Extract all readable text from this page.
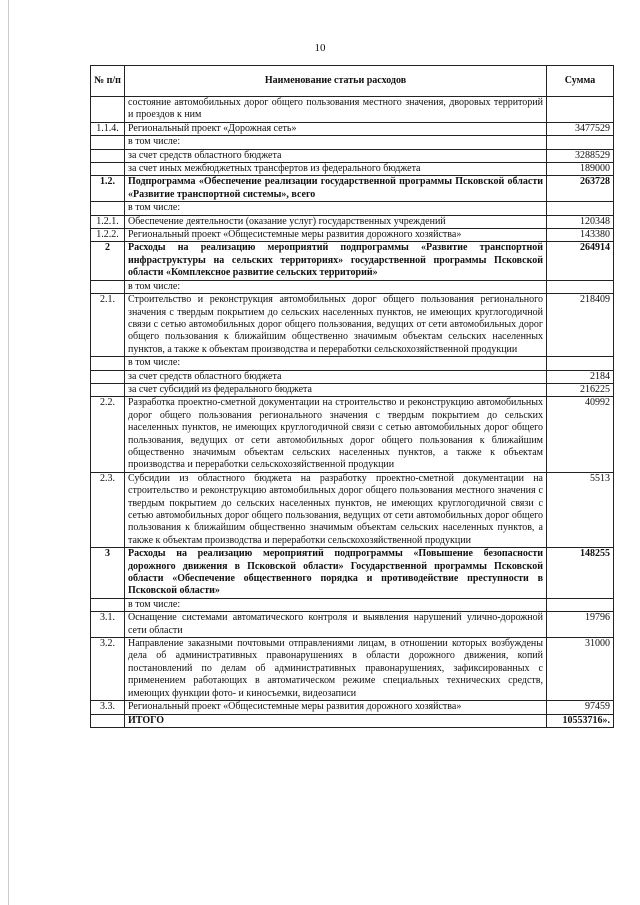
10
№ п/п	Наименование статьи расходов	Сумма
	состояние автомобильных дорог общего пользования местного значения, дворовых территорий и проездов к ним	
1.1.4.	Региональный проект «Дорожная сеть»	3477529
	в том числе:	
	за счет средств областного бюджета	3288529
	за счет иных межбюджетных трансфертов из федерального бюджета	189000
1.2.	Подпрограмма «Обеспечение реализации государственной программы Псковской области «Развитие транспортной системы», всего	263728
	в том числе:	
1.2.1.	Обеспечение деятельности (оказание услуг) государственных учреждений	120348
1.2.2.	Региональный проект «Общесистемные меры развития дорожного хозяйства»	143380
2	Расходы на реализацию мероприятий подпрограммы «Развитие транспортной инфраструктуры на сельских территориях» государственной программы Псковской области «Комплексное развитие сельских территорий»	264914
	в том числе:	
2.1.	Строительство и реконструкция автомобильных дорог общего пользования регионального значения с твердым покрытием до сельских населенных пунктов, не имеющих круглогодичной связи с сетью автомобильных дорог общего пользования, ведущих от сети автомобильных дорог общего пользования к ближайшим общественно значимым объектам сельских населенных пунктов, а также к объектам производства и переработки сельскохозяйственной продукции	218409
	в том числе:	
	за счет средств областного бюджета	2184
	за счет субсидий из федерального бюджета	216225
2.2.	Разработка проектно-сметной документации на строительство и реконструкцию автомобильных дорог общего пользования регионального значения с твердым покрытием до сельских населенных пунктов, не имеющих круглогодичной связи с сетью автомобильных дорог общего пользования, ведущих от сети автомобильных дорог общего пользования к ближайшим общественно значимым объектам сельских населенных пунктов, а также к объектам производства и переработки сельскохозяйственной продукции	40992
2.3.	Субсидии из областного бюджета на разработку проектно-сметной документации на строительство и реконструкцию автомобильных дорог общего пользования местного значения с твердым покрытием до сельских населенных пунктов, не имеющих круглогодичной связи с сетью автомобильных дорог общего пользования, ведущих от сети автомобильных дорог общего пользования к ближайшим общественно значимым объектам сельских населенных пунктов, а также к объектам производства и переработки сельскохозяйственной продукции	5513
3	Расходы на реализацию мероприятий подпрограммы «Повышение безопасности дорожного движения в Псковской области» Государственной программы Псковской области «Обеспечение общественного порядка и противодействие преступности в Псковской области»	148255
	в том числе:	
3.1.	Оснащение системами автоматического контроля и выявления нарушений улично-дорожной сети области	19796
3.2.	Направление заказными почтовыми отправлениями лицам, в отношении которых возбуждены дела об административных правонарушениях в области дорожного движения, копий постановлений по делам об административных правонарушениях, зафиксированных с применением работающих в автоматическом режиме специальных технических средств, имеющих функции фото- и киносъемки, видеозаписи	31000
3.3.	Региональный проект «Общесистемные меры развития дорожного хозяйства»	97459
	ИТОГО	10553716».
